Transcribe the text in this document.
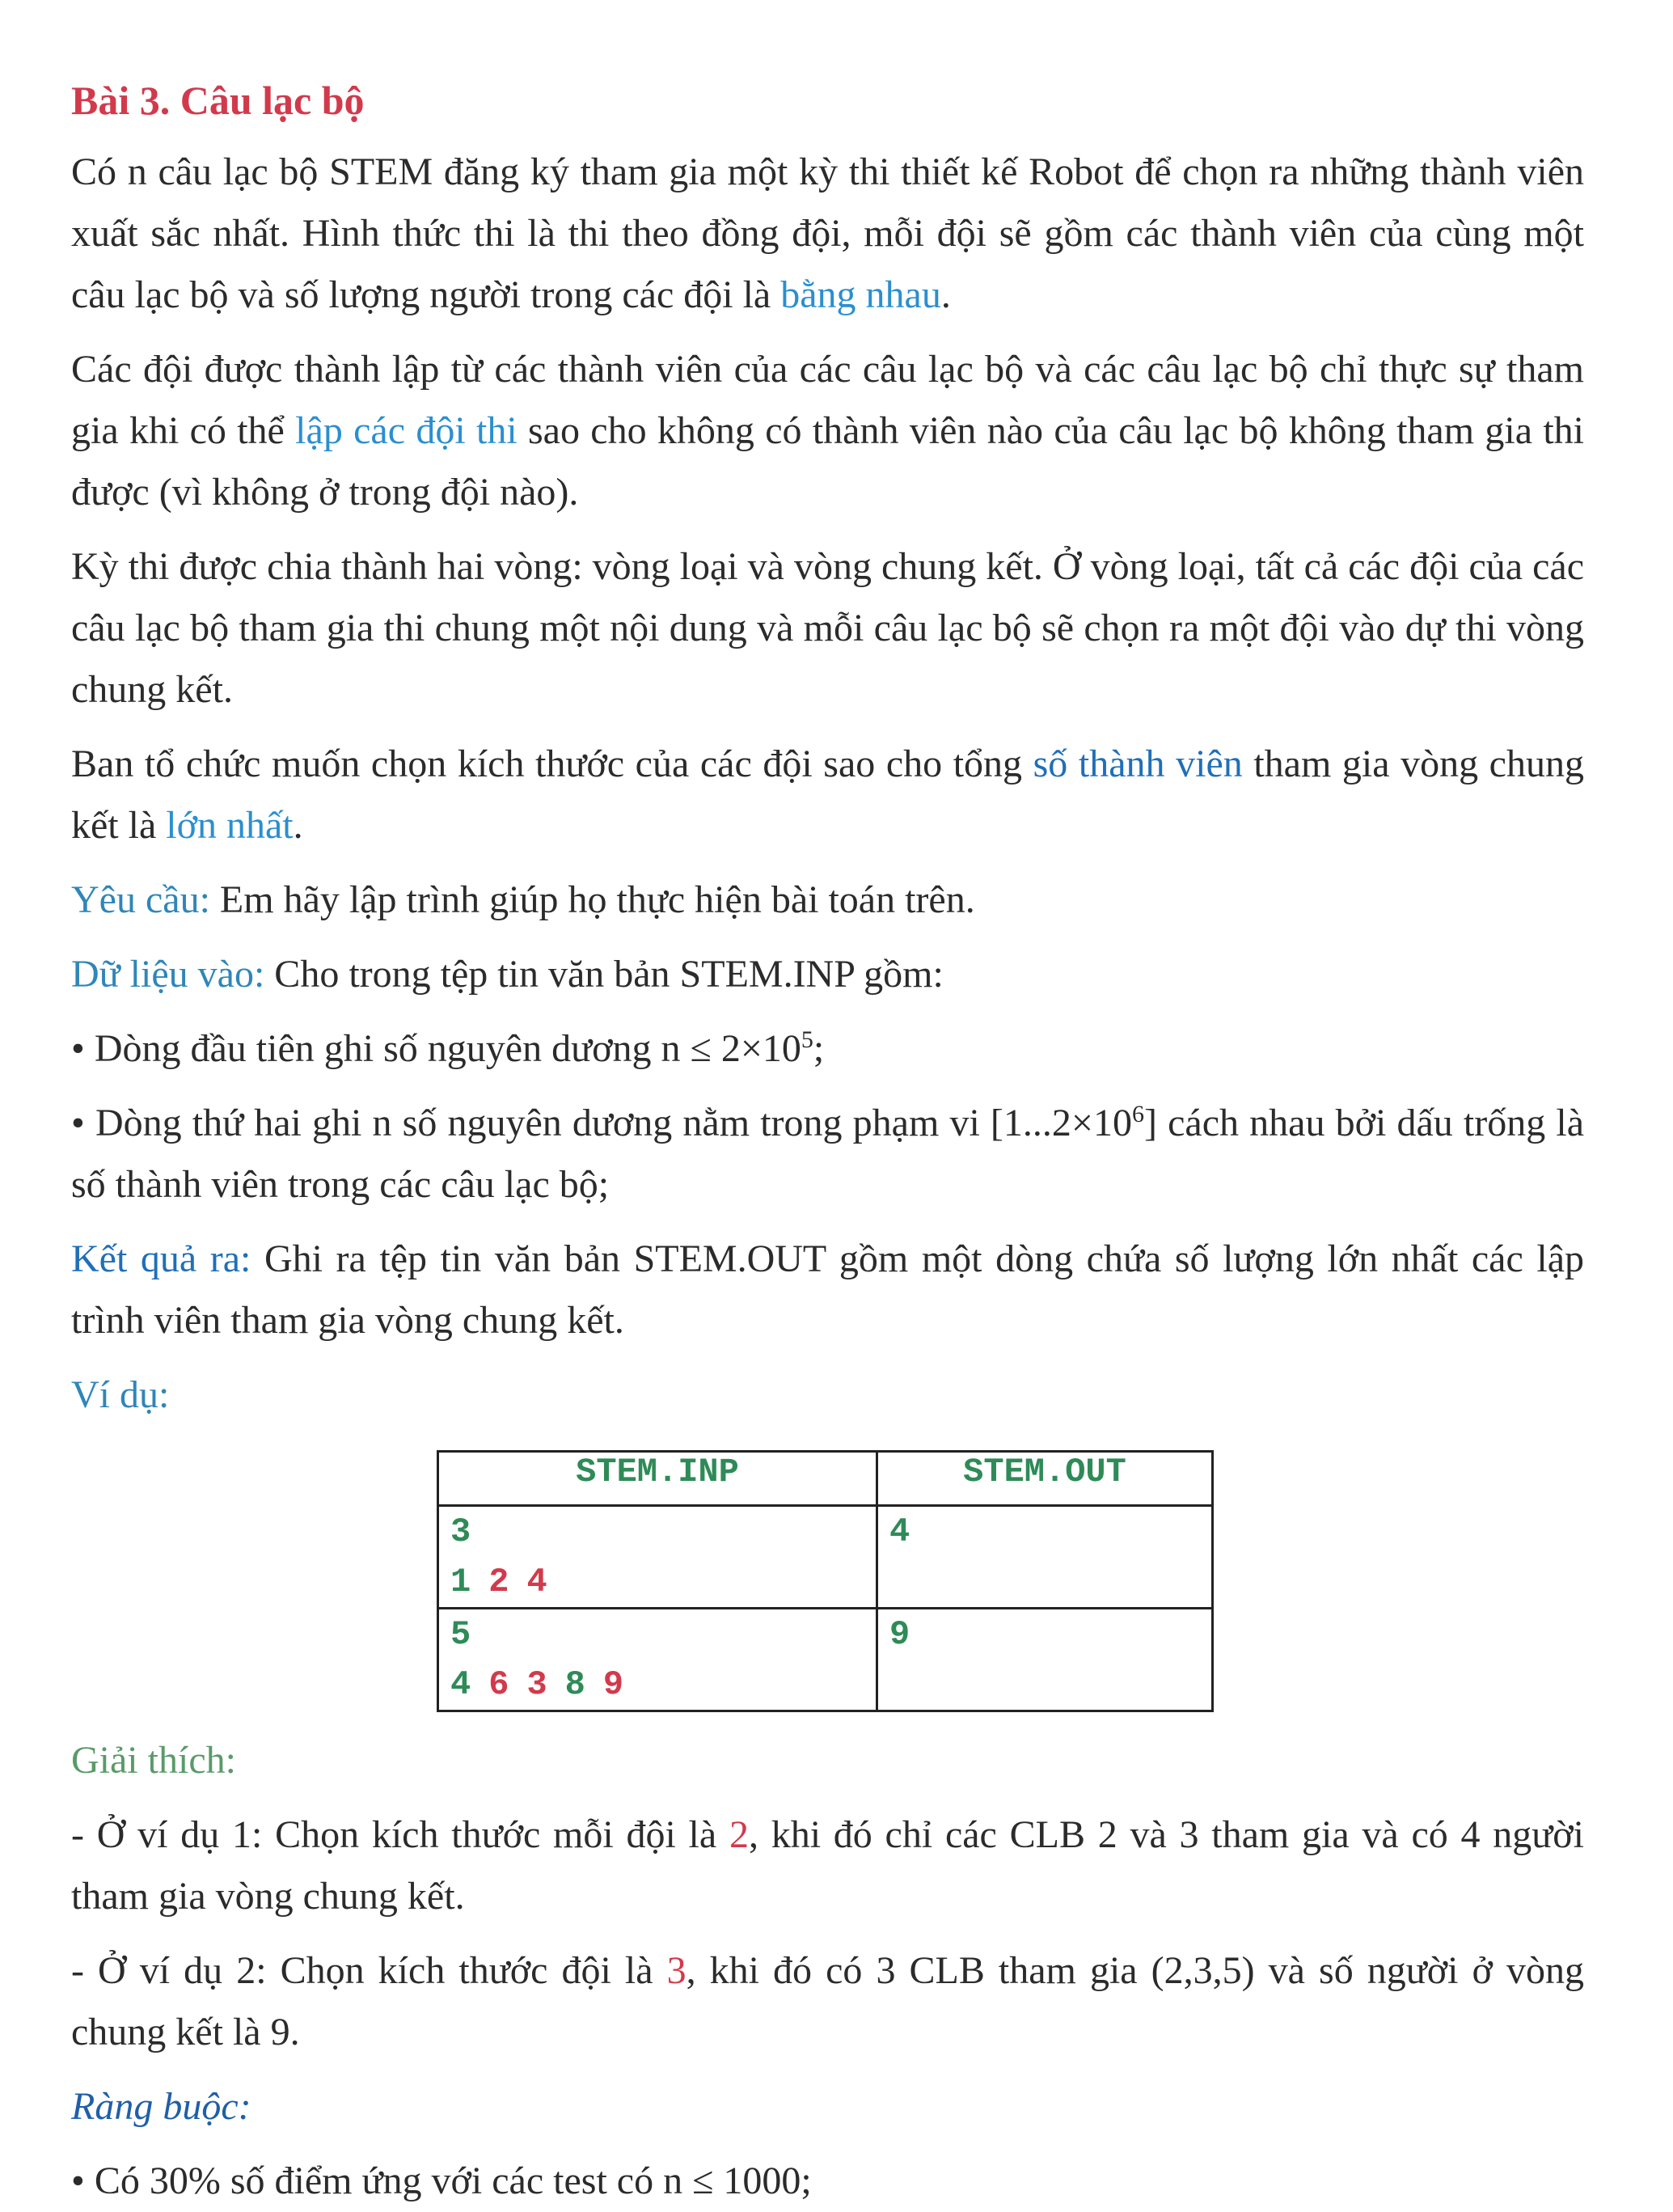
Bài 3. Câu lạc bộ

Có n câu lạc bộ STEM đăng ký tham gia một kỳ thi thiết kế Robot để chọn ra những thành viên xuất sắc nhất. Hình thức thi là thi theo đồng đội, mỗi đội sẽ gồm các thành viên của cùng một câu lạc bộ và số lượng người trong các đội là bằng nhau.

Các đội được thành lập từ các thành viên của các câu lạc bộ và các câu lạc bộ chỉ thực sự tham gia khi có thể lập các đội thi sao cho không có thành viên nào của câu lạc bộ không tham gia thi được (vì không ở trong đội nào).

Kỳ thi được chia thành hai vòng: vòng loại và vòng chung kết. Ở vòng loại, tất cả các đội của các câu lạc bộ tham gia thi chung một nội dung và mỗi câu lạc bộ sẽ chọn ra một đội vào dự thi vòng chung kết.

Ban tổ chức muốn chọn kích thước của các đội sao cho tổng số thành viên tham gia vòng chung kết là lớn nhất.

Yêu cầu: Em hãy lập trình giúp họ thực hiện bài toán trên.

Dữ liệu vào: Cho trong tệp tin văn bản STEM.INP gồm:

• Dòng đầu tiên ghi số nguyên dương $n \le 2\times 10^5$;

• Dòng thứ hai ghi n số nguyên dương nằm trong phạm vi $[1...2\times 10^6]$ cách nhau bởi dấu trống là số thành viên trong các câu lạc bộ;

Kết quả ra: Ghi ra tệp tin văn bản STEM.OUT gồm một dòng chứa số lượng lớn nhất các lập trình viên tham gia vòng chung kết.

Ví dụ:

STEM.INP	STEM.OUT

3
1 2 4	4

5
4 6 3 8 9	9

Giải thích:

- Ở ví dụ 1: Chọn kích thước mỗi đội là 2, khi đó chỉ các CLB 2 và 3 tham gia và có 4 người tham gia vòng chung kết.

- Ở ví dụ 2: Chọn kích thước đội là 3, khi đó có 3 CLB tham gia (2,3,5) và số người ở vòng chung kết là 9.

Ràng buộc:

• Có 30% số điểm ứng với các test có n ≤ 1000;
